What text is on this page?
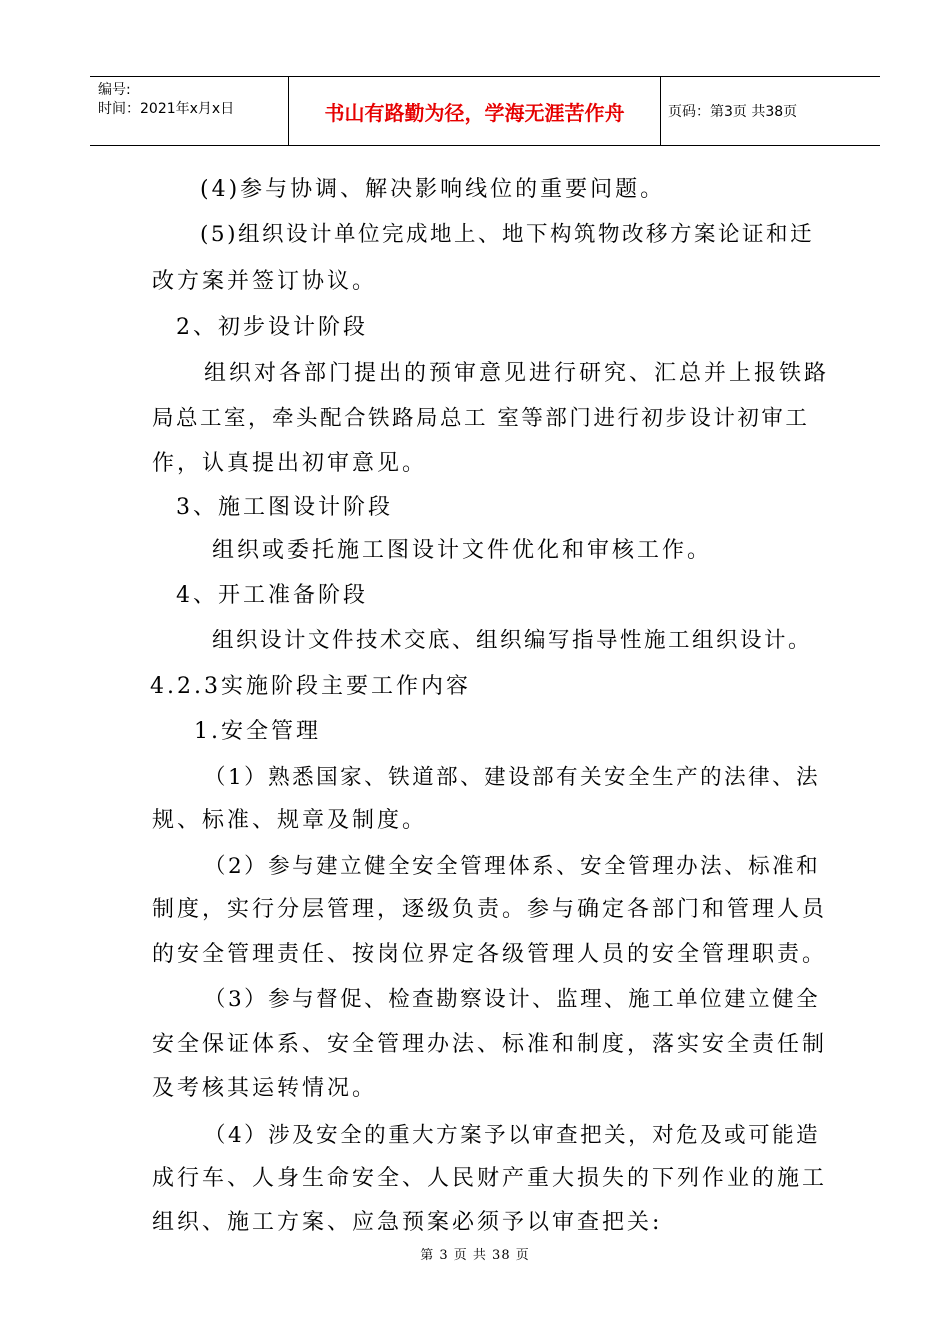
编号:
时间：2021年x月x日	书山有路勤为径，学海无涯苦作舟	页码：第3页 共38页
(4)参与协调、解决影响线位的重要问题。
(5)组织设计单位完成地上、地下构筑物改移方案论证和迁
改方案并签订协议。
2、初步设计阶段
组织对各部门提出的预审意见进行研究、汇总并上报铁路
局总工室，牵头配合铁路局总工 室等部门进行初步设计初审工
作，认真提出初审意见。
3、施工图设计阶段
组织或委托施工图设计文件优化和审核工作。
4、开工准备阶段
组织设计文件技术交底、组织编写指导性施工组织设计。
4.2.3实施阶段主要工作内容
1.安全管理
（1）熟悉国家、铁道部、建设部有关安全生产的法律、法
规、标准、规章及制度。
（2）参与建立健全安全管理体系、安全管理办法、标准和
制度，实行分层管理，逐级负责。参与确定各部门和管理人员
的安全管理责任、按岗位界定各级管理人员的安全管理职责。
（3）参与督促、检查勘察设计、监理、施工单位建立健全
安全保证体系、安全管理办法、标准和制度，落实安全责任制
及考核其运转情况。
（4）涉及安全的重大方案予以审查把关，对危及或可能造
成行车、人身生命安全、人民财产重大损失的下列作业的施工
组织、施工方案、应急预案必须予以审查把关:
第 3 页 共 38 页
